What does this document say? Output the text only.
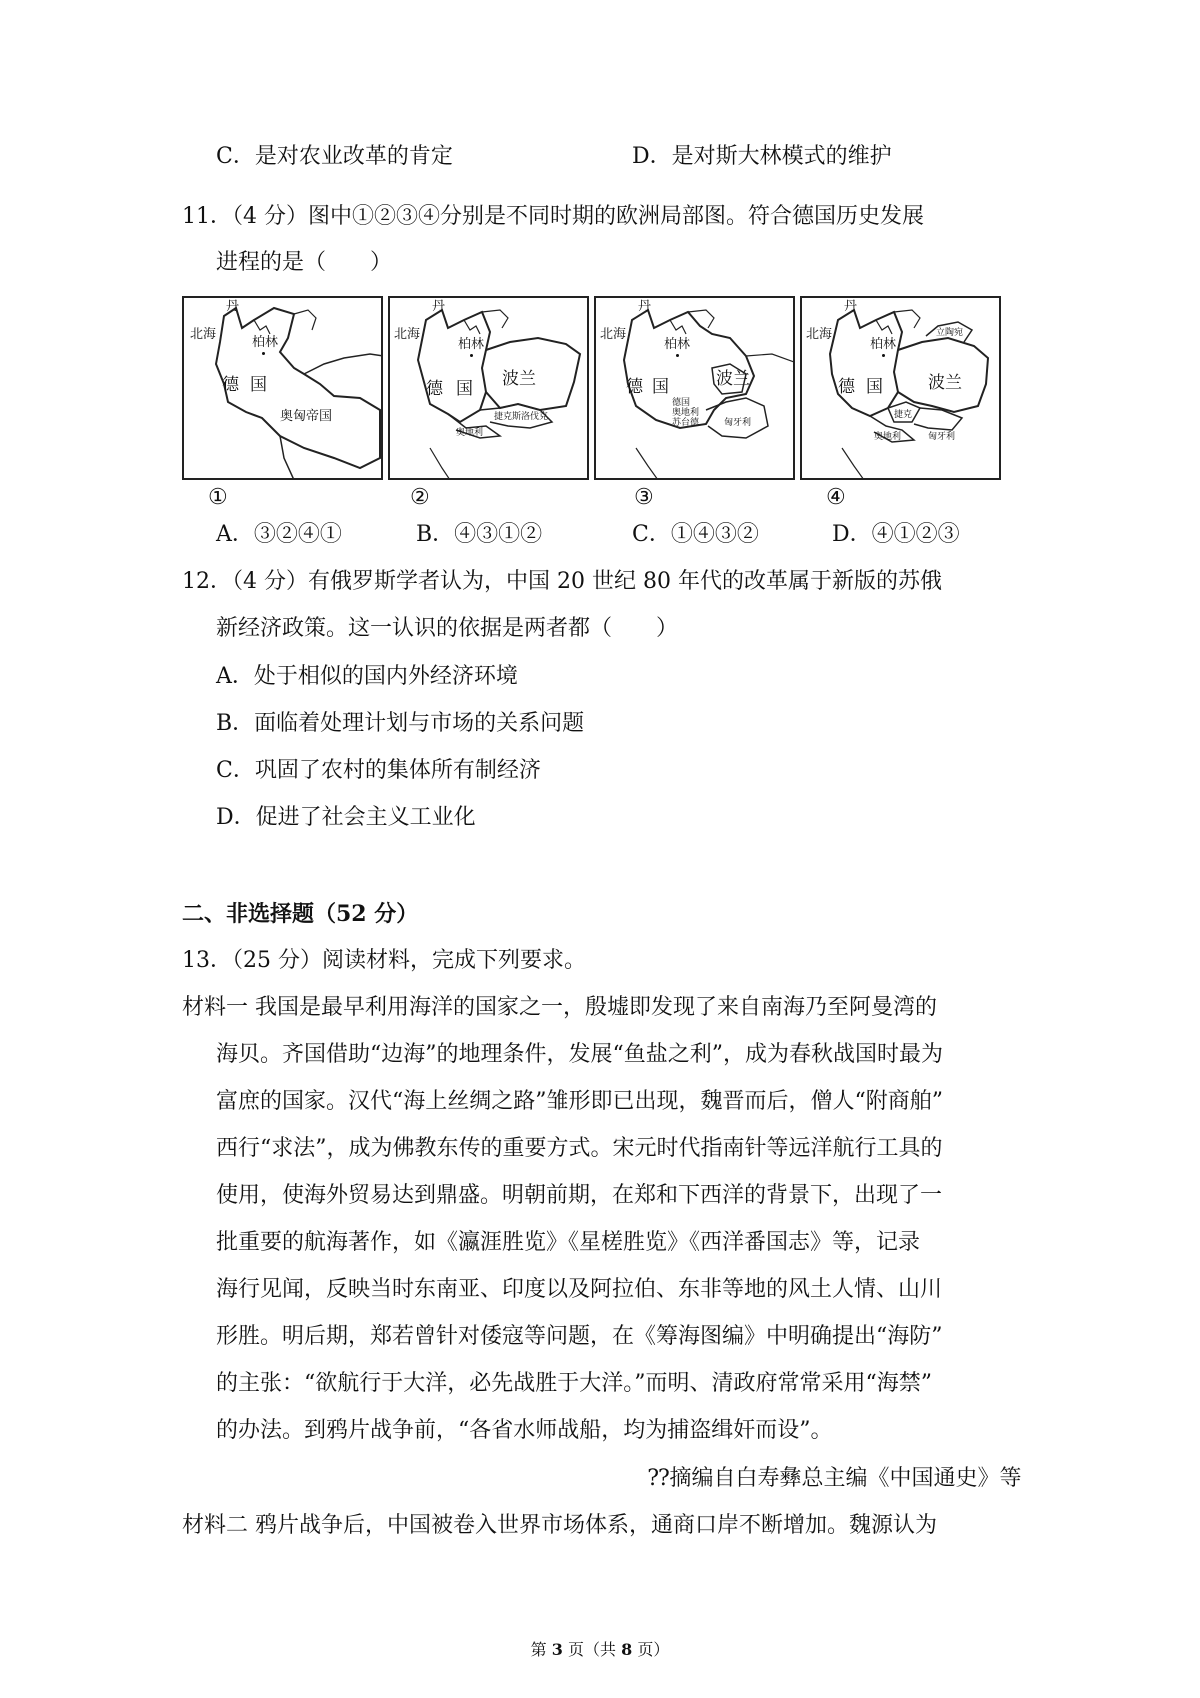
C．是对农业改革的肯定	D．是对斯大林模式的维护
11．（4 分）图中①②③④分别是不同时期的欧洲局部图。符合德国历史发展
进程的是（　　）
丹
北海
柏林
德 国
奥匈帝国
丹
北海
柏林
德 国 波兰
捷克斯洛伐克
奥地利
丹
北海
柏林
德 国	波兰
德国
奥地利
苏台德	匈牙利
丹
北海
柏林
德 国	波兰
立陶宛
捷克
奥地利	匈牙利
①	②	③	④
A．③②④①	B．④③①②	C．①④③②	D．④①②③
12．（4 分）有俄罗斯学者认为，中国 20 世纪 80 年代的改革属于新版的苏俄
新经济政策。这一认识的依据是两者都（　　）
A．处于相似的国内外经济环境
B．面临着处理计划与市场的关系问题
C．巩固了农村的集体所有制经济
D．促进了社会主义工业化
二、非选择题（52 分）
13．（25 分）阅读材料，完成下列要求。
材料一 我国是最早利用海洋的国家之一，殷墟即发现了来自南海乃至阿曼湾的
海贝。齐国借助“边海”的地理条件，发展“鱼盐之利”，成为春秋战国时最为
富庶的国家。汉代“海上丝绸之路”雏形即已出现，魏晋而后，僧人“附商舶”
西行“求法”，成为佛教东传的重要方式。宋元时代指南针等远洋航行工具的
使用，使海外贸易达到鼎盛。明朝前期，在郑和下西洋的背景下，出现了一
批重要的航海著作，如《瀛涯胜览》《星槎胜览》《西洋番国志》等，记录
海行见闻，反映当时东南亚、印度以及阿拉伯、东非等地的风土人情、山川
形胜。明后期，郑若曾针对倭寇等问题，在《筹海图编》中明确提出“海防”
的主张：“欲航行于大洋，必先战胜于大洋。”而明、清政府常常采用“海禁”
的办法。到鸦片战争前，“各省水师战船，均为捕盗缉奸而设”。
⁇摘编自白寿彝总主编《中国通史》等
材料二 鸦片战争后，中国被卷入世界市场体系，通商口岸不断增加。魏源认为
第 3 页（共 8 页）
